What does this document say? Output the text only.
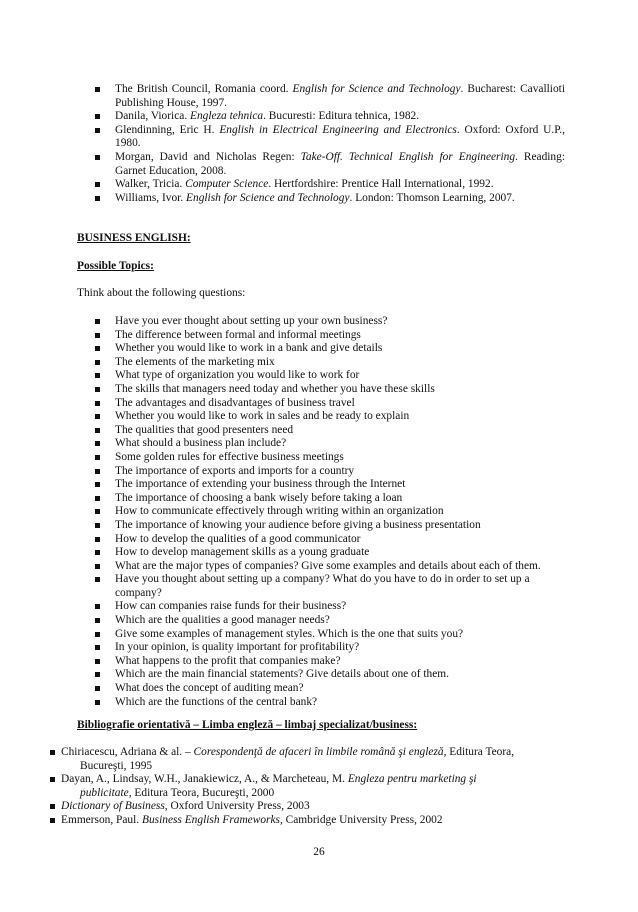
The British Council, Romania coord. English for Science and Technology. Bucharest: Cavallioti Publishing House, 1997.
Danila, Viorica. Engleza tehnica. Bucuresti: Editura tehnica, 1982.
Glendinning, Eric H. English in Electrical Engineering and Electronics. Oxford: Oxford U.P., 1980.
Morgan, David and Nicholas Regen: Take-Off. Technical English for Engineering. Reading: Garnet Education, 2008.
Walker, Tricia. Computer Science. Hertfordshire: Prentice Hall International, 1992.
Williams, Ivor. English for Science and Technology. London: Thomson Learning, 2007.
BUSINESS ENGLISH:
Possible Topics:
Think about the following questions:
Have you ever thought about setting up your own business?
The difference between formal and informal meetings
Whether you would like to work in a bank and give details
The elements of the marketing mix
What type of organization you would like to work for
The skills that managers need today and whether you have these skills
The advantages and disadvantages of business travel
Whether you would like to work in sales and be ready to explain
The qualities that good presenters need
What should a business plan include?
Some golden rules for effective business meetings
The importance of exports and imports for a country
The importance of extending your business through the Internet
The importance of choosing a bank wisely before taking a loan
How to communicate effectively through writing within an organization
The importance of knowing your audience before giving a business presentation
How to develop the qualities of a good communicator
How to develop management skills as a young graduate
What are the major types of companies? Give some examples and details about each of them.
Have you thought about setting up a company? What do you have to do in order to set up a company?
How can companies raise funds for their business?
Which are the qualities a good manager needs?
Give some examples of management styles. Which is the one that suits you?
In your opinion, is quality important for profitability?
What happens to the profit that companies make?
Which are the main financial statements? Give details about one of them.
What does the concept of auditing mean?
Which are the functions of the central bank?
Bibliografie orientativă – Limba engleză – limbaj specializat/business:
Chiriacescu, Adriana & al. – Corespondenţă de afaceri în limbile română şi engleză, Editura Teora,
Bucureşti, 1995
Dayan, A., Lindsay, W.H., Janakiewicz, A., & Marcheteau, M. Engleza pentru marketing şi
publicitate, Editura Teora, Bucureşti, 2000
Dictionary of Business, Oxford University Press, 2003
Emmerson, Paul. Business English Frameworks, Cambridge University Press, 2002
26
